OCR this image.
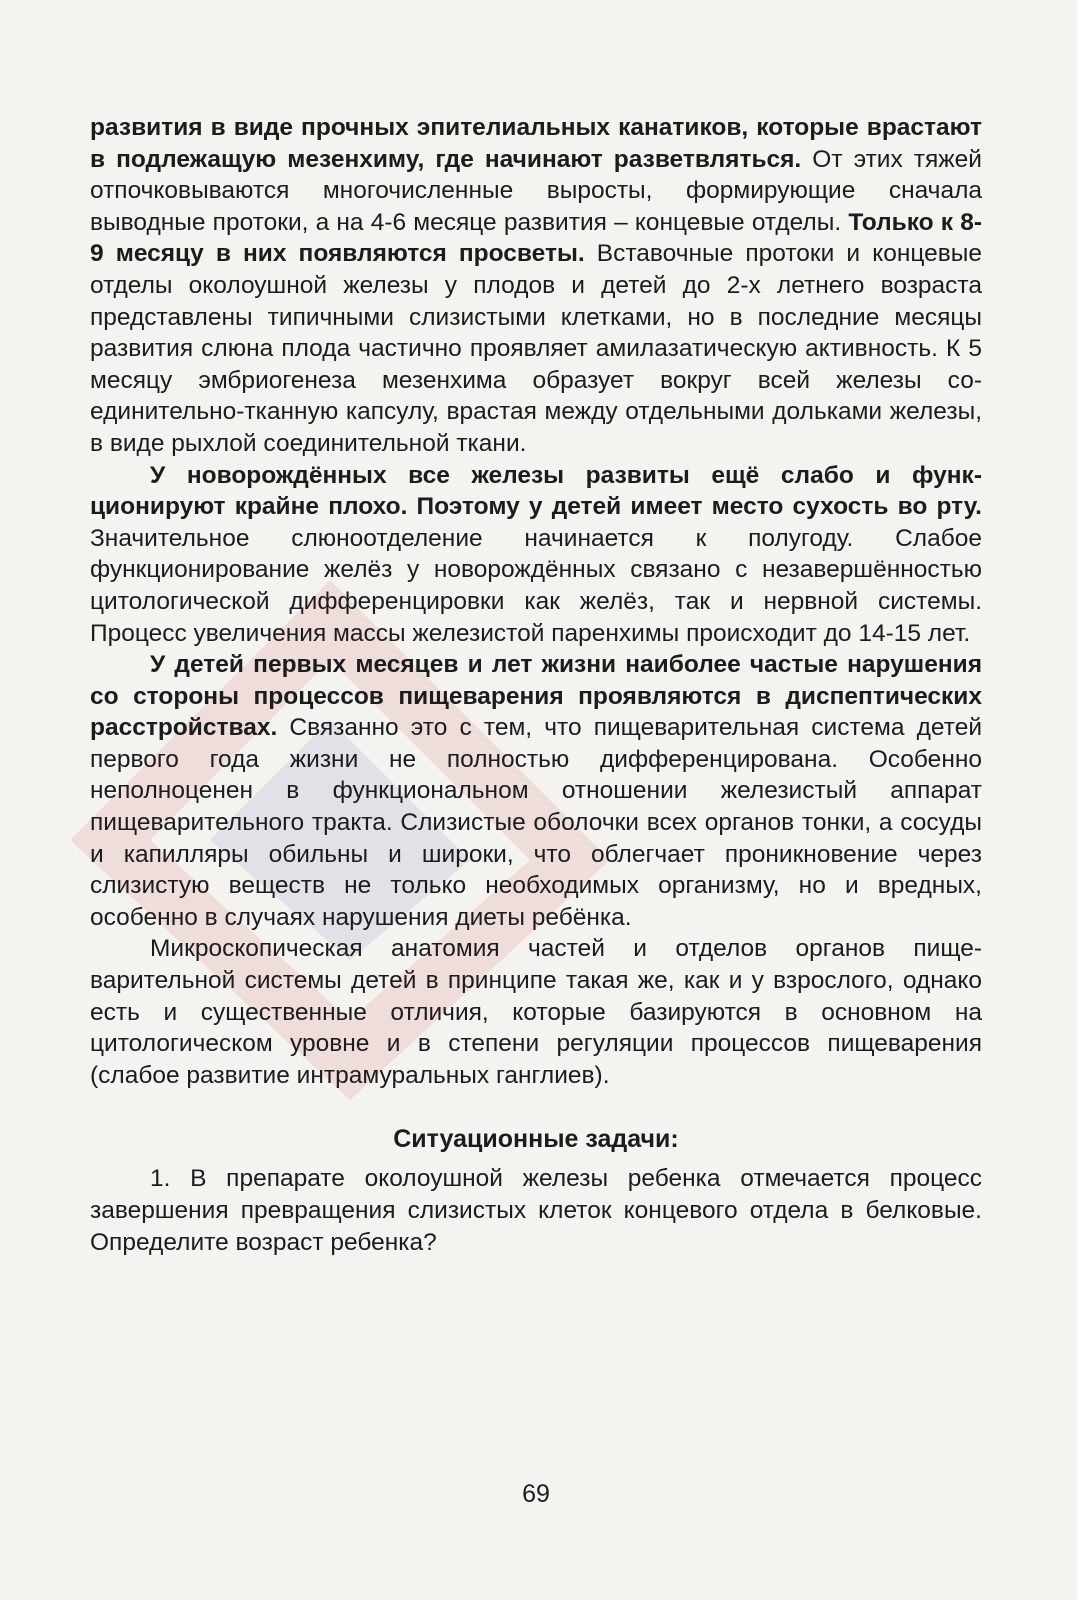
развития в виде прочных эпителиальных канатиков, которые врастают в подлежащую мезенхиму, где начинают разветвляться. От этих тяжей отпочковываются многочисленные выросты, формирующие сначала выводные протоки, а на 4-6 месяце развития – концевые отделы. Только к 8-9 месяцу в них появляются просветы. Вставочные протоки и концевые отделы околоушной железы у плодов и детей до 2-х летнего возраста представлены типичными слизистыми клетками, но в последние месяцы развития слюна плода частично проявляет амилазатическую активность. К 5 месяцу эмбриогенеза мезенхима образует вокруг всей железы соединительно-тканную капсулу, врастая между отдельными дольками железы, в виде рыхлой соединительной ткани.

У новорождённых все железы развиты ещё слабо и функционируют крайне плохо. Поэтому у детей имеет место сухость во рту. Значительное слюноотделение начинается к полугоду. Слабое функционирование желёз у новорождённых связано с незавершённостью цитологической дифференцировки как желёз, так и нервной системы. Процесс увеличения массы железистой паренхимы происходит до 14-15 лет.

У детей первых месяцев и лет жизни наиболее частые нарушения со стороны процессов пищеварения проявляются в диспептических расстройствах. Связанно это с тем, что пищеварительная система детей первого года жизни не полностью дифференцирована. Особенно неполноценен в функциональном отношении железистый аппарат пищеварительного тракта. Слизистые оболочки всех органов тонки, а сосуды и капилляры обильны и широки, что облегчает проникновение через слизистую веществ не только необходимых организму, но и вредных, особенно в случаях нарушения диеты ребёнка.

Микроскопическая анатомия частей и отделов органов пищеварительной системы детей в принципе такая же, как и у взрослого, однако есть и существенные отличия, которые базируются в основном на цитологическом уровне и в степени регуляции процессов пищеварения (слабое развитие интрамуральных ганглиев).

Ситуационные задачи:

1. В препарате околоушной железы ребенка отмечается процесс завершения превращения слизистых клеток концевого отдела в белковые. Определите возраст ребенка?

69
